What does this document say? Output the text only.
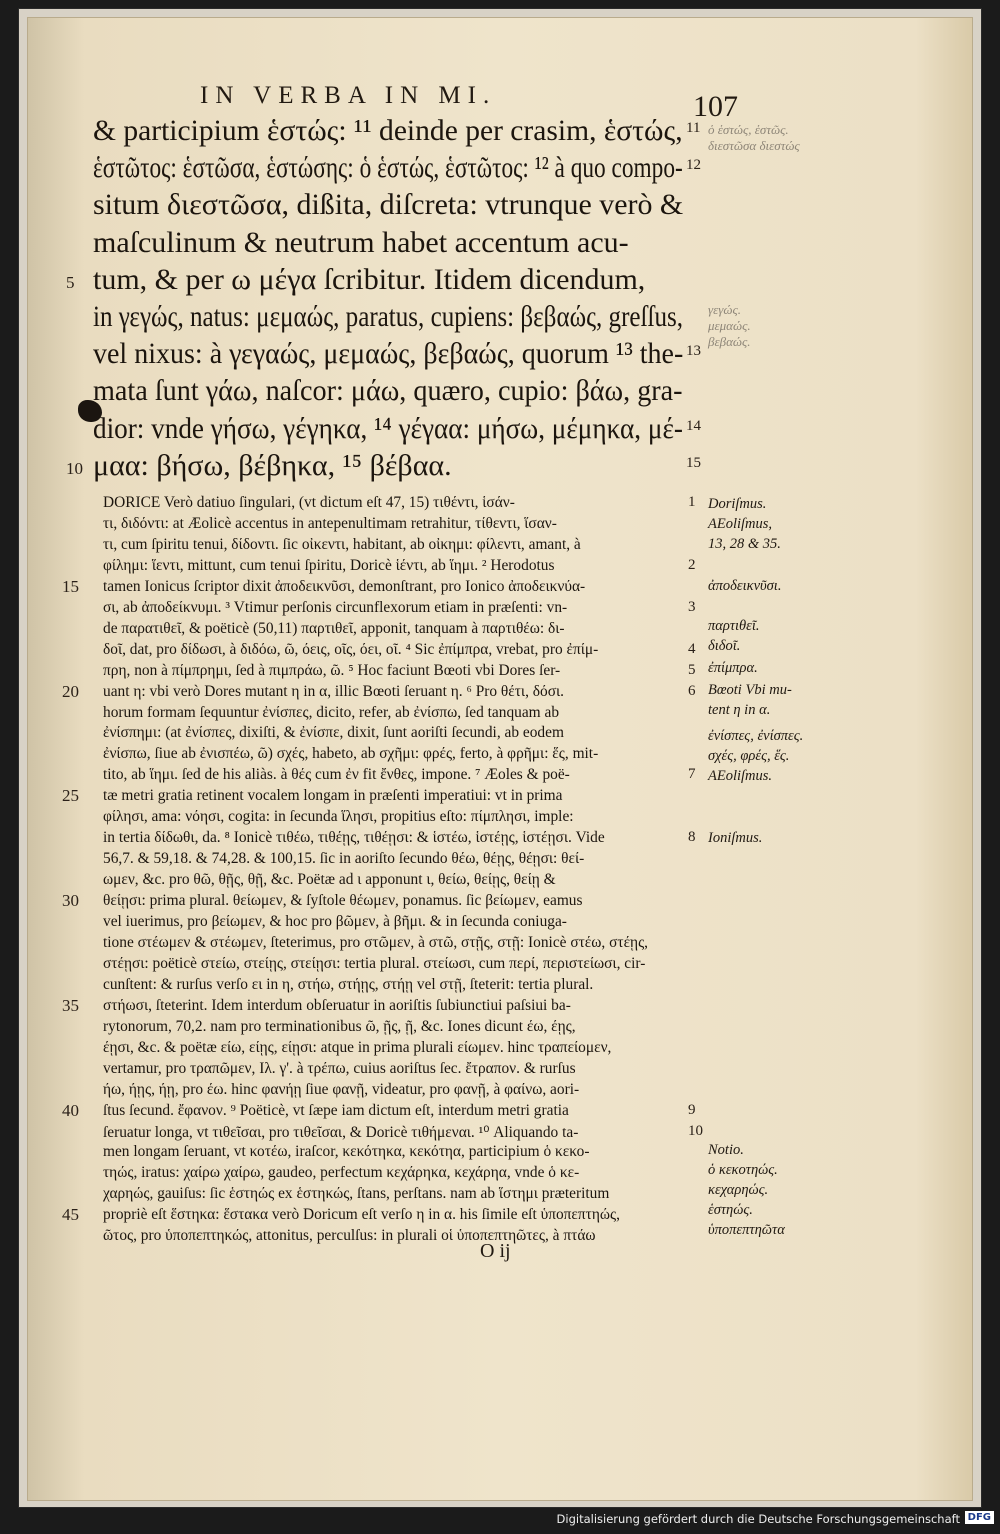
IN VERBA IN MI.	107
O ij
& participium ἑστώς: ¹¹ deinde per crasim, ἑστώς, 11
ἑστῶτος: ἑστῶσα, ἑστώσης: ὁ ἑστώς, ἑστῶτος: ¹² à quo compo- 12
situm διεστῶσα, dißita, diſcreta: vtrunque verò &
maſculinum & neutrum habet accentum acu-
tum, & per ω μέγα ſcribitur. Itidem dicendum,
5
in γεγώς, natus: μεμαώς, paratus, cupiens: βεβαώς, greſſus,
vel nixus: à γεγαώς, μεμαώς, βεβαώς, quorum ¹³ the- 13
mata ſunt γάω, naſcor: μάω, quæro, cupio: βάω, gra-
dior: vnde γήσω, γέγηκα, ¹⁴ γέγαα: μήσω, μέμηκα, μέ- 14
μαα: βήσω, βέβηκα, ¹⁵ βέβαα.
10	15
DORICE Verò datiuo ſingulari, (vt dictum eſt 47, 15) τιθέντι, ἱσάν-	1
τι, διδόντι: at Æolicè accentus in antepenultimam retrahitur, τίθεντι, ἵσαν-
τι, cum ſpiritu tenui, δίδοντι. ſic οἰκεντι, habitant, ab οἰκημι: φίλεντι, amant, à
φίλημι: ἵεντι, mittunt, cum tenui ſpiritu, Doricè ἱέντι, ab ἵημι. ² Herodotus	2
tamen Ionicus ſcriptor dixit ἀποδεικνῦσι, demonſtrant, pro Ionico ἀποδεικνύα-
15
σι, ab ἀποδείκνυμι. ³ Vtimur perſonis circunflexorum etiam in præſenti: vn-	3
de παρατιθεῖ, & poëticè (50,11) παρτιθεῖ, apponit, tanquam à παρτιθέω: δι-
δοῖ, dat, pro δίδωσι, à διδόω, ῶ, όεις, οῖς, όει, οῖ. ⁴ Sic ἐπίμπρα, vrebat, pro ἐπίμ-	4
πρη, non à πίμπρημι, ſed à πιμπράω, ῶ. ⁵ Hoc faciunt Bœoti vbi Dores ſer-	5
uant η: vbi verò Dores mutant η in α, illic Bœoti ſeruant η. ⁶ Pro θέτι, δόσι.
20	6
horum formam ſequuntur ἐνίσπες, dicito, refer, ab ἐνίσπω, ſed tanquam ab
ἐνίσπημι: (at ἐνίσπες, dixiſti, & ἐνίσπε, dixit, ſunt aoriſti ſecundi, ab eodem
ἐνίσπω, ſiue ab ἐνισπέω, ῶ) σχές, habeto, ab σχῆμι: φρές, ferto, à φρῆμι: ἕς, mit-
tito, ab ἵημι. ſed de his aliàs. à θές cum ἐν fit ἔνθες, impone. ⁷ Æoles & poë-	7
tæ metri gratia retinent vocalem longam in præſenti imperatiui: vt in prima
25
φίλησι, ama: νόησι, cogita: in ſecunda ἵλησι, propitius eſto: πίμπλησι, imple:
in tertia δίδωθι, da. ⁸ Ionicè τιθέω, τιθέῃς, τιθέῃσι: & ἱστέω, ἱστέῃς, ἱστέῃσι. Vide	8
56,7. & 59,18. & 74,28. & 100,15. ſic in aoriſto ſecundo θέω, θέῃς, θέῃσι: θεί-
ωμεν, &c. pro θῶ, θῇς, θῇ, &c. Poëtæ ad ι apponunt ι, θείω, θείῃς, θείῃ &
θείῃσι: prima plural. θείωμεν, & ſyſtole θέωμεν, ponamus. ſic βείωμεν, eamus
30
vel iuerimus, pro βείωμεν, & hoc pro βῶμεν, à βῆμι. & in ſecunda coniuga-
tione στέωμεν & στέωμεν, ſteterimus, pro στῶμεν, à στῶ, στῇς, στῇ: Ionicè στέω, στέῃς,
στέῃσι: poëticè στείω, στείῃς, στείῃσι: tertia plural. στείωσι, cum περί, περιστείωσι, cir-
cunſtent: & rurſus verſo ει in η, στήω, στήῃς, στήῃ vel στῇ, ſteterit: tertia plural.
στήωσι, ſteterint. Idem interdum obſeruatur in aoriſtis ſubiunctiui paſsiui ba-
35
rytonorum, 70,2. nam pro terminationibus ῶ, ῇς, ῇ, &c. Iones dicunt έω, έῃς,
έῃσι, &c. & poëtæ είω, είῃς, είῃσι: atque in prima plurali είωμεν. hinc τραπείομεν,
vertamur, pro τραπῶμεν, Ιλ. γ'. à τρέπω, cuius aoriſtus ſec. ἔτραπον. & rurſus
ήω, ήῃς, ήῃ, pro έω. hinc φανήῃ ſiue φανῇ, videatur, pro φανῇ, à φαίνω, aori-
ſtus ſecund. ἔφανον. ⁹ Poëticè, vt ſæpe iam dictum eſt, interdum metri gratia
40	9
ſeruatur longa, vt τιθεῖσαι, pro τιθεῖσαι, & Doricè τιθήμεναι. ¹⁰ Aliquando ta-	10
men longam ſeruant, vt κοτέω, iraſcor, κεκότηκα, κεκότηα, participium ὁ κεκο-
τηώς, iratus: χαίρω χαίρω, gaudeo, perfectum κεχάρηκα, κεχάρηα, vnde ὁ κε-
χαρηώς, gauiſus: ſic ἑστηώς ex ἑστηκώς, ſtans, perſtans. nam ab ἵστημι præteritum
propriè eſt ἕστηκα: ἕστακα verò Doricum eſt verſo η in α. his ſimile eſt ὑποπεπτηώς,
45
ῶτος, pro ὑποπεπτηκώς, attonitus, perculſus: in plurali οἱ ὑποπεπτηῶτες, à πτάω
ὁ ἑστώς, ἑστῶς.
διεστῶσα διεστώς
γεγώς.
μεμαώς.
βεβαώς.
Doriſmus.
AEoliſmus,
13, 28 & 35.
ἀποδεικνῦσι.
παρτιθεῖ.
διδοῖ.
ἐπίμπρα.
Bœoti Vbi mu-
tent η in α.
ἐνίσπες, ἐνίσπες.
σχές, φρές, ἕς.
AEoliſmus.
Ioniſmus.
Notio.
ὁ κεκοτηώς.
κεχαρηώς.
ἑστηώς.
ὑποπεπτηῶτα
Digitalisierung gefördert durch die Deutsche Forschungsgemeinschaft DFG
